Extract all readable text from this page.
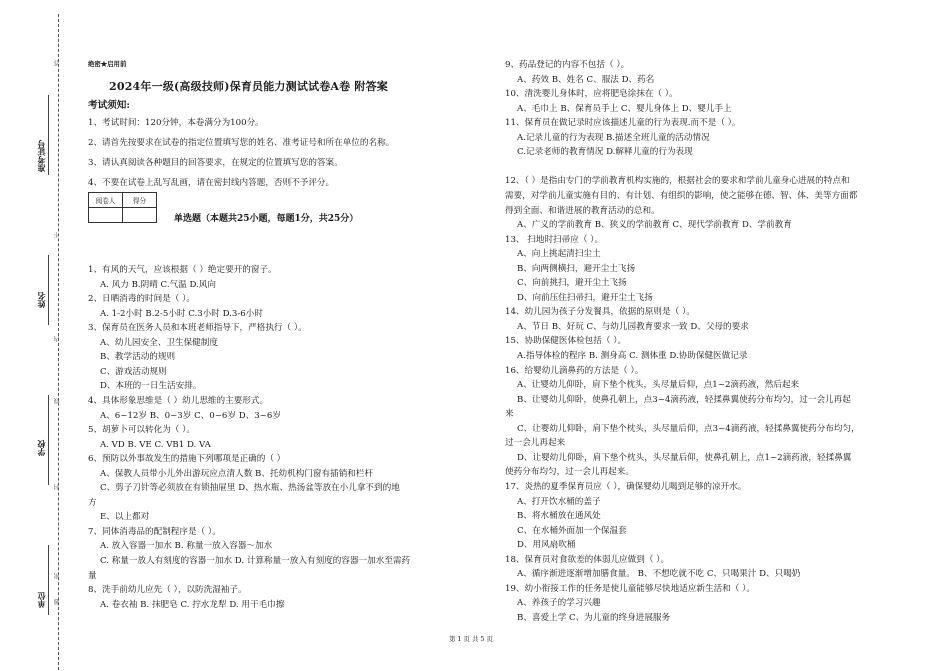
答
不
内
线
封
密
题
准考证号
姓名
学校
单位
绝密★启用前
2024年一级(高级技师)保育员能力测试试卷A卷 附答案
考试须知:
1、考试时间：120分钟，本卷满分为100分。
2、请首先按要求在试卷的指定位置填写您的姓名、准考证号和所在单位的名称。
3、请认真阅读各种题目的回答要求，在规定的位置填写您的答案。
4、不要在试卷上乱写乱画，请在密封线内答题，否则不予评分。
阅卷人	得分

单选题（本题共25小题，每题1分，共25分）
1、有风的天气，应该根据（ ）绝定要开的窗子。
A. 风力 B.阴晴 C.气温 D.风向
2、日晒消毒的时间是（ ）。
A. 1-2小时 B.2-5小时 C.3小时 D.3-6小时
3、保育员在医务人员和本班老师指导下，严格执行（ ）。
A、幼儿园安全、卫生保健制度
B、教学活动的规则
C、游戏活动规则
D、本班的一日生活安排。
4、具体形象思维是（ ）幼儿思维的主要形式。
A、6~12岁 B、0~3岁 C、0~6岁 D、3~6岁
5、胡萝卜可以转化为（ ）。
A. VD B. VE C. VB1 D. VA
6、预防以外事故发生的措施下列哪项是正确的（ ）
A、保教人员带小儿外出游玩应点清人数 B、托幼机构门窗有插销和栏杆
C、剪子刀针等必须放在有锁抽屉里 D、热水瓶、热汤盆等放在小儿拿不到的地
方
E、以上都对
7、同体消毒品的配制程序是（ ）。
A. 放入容器一加水 B. 称量一放入容器～加水
C. 称量一放人有刻度的容器一加水 D. 计算称量一放入有刻度的容器一加水至需药
量
8、洗手前幼儿应先（ ），以防洗湿袖子。
A. 卷衣袖 B. 抹肥皂 C. 拧水龙犁 D. 用干毛巾擦
9、药品登记的内容不包括（ ）。
A、药效 B、姓名 C、服法 D、药名
10、清洗婴儿身体时，应将肥皂涂抹在（ ）。
A、毛巾上 B、保育员手上 C、婴儿身体上 D、婴儿手上
11、保育员在做记录时应该描述儿童的行为表现.而不是（ ）。
A.记录儿童的行为表现 B.描述全班儿童的活动情况
C.记录老师的教育情况 D.解释儿童的行为表现
12、（ ）是指由专门的学前教育机构实施的，根据社会的要求和学前儿童身心进展的特点和
需要，对学前儿童实施有目的、有计划、有组织的影响，使之能够在德、智、体、美等方面都
得到全面、和谐进展的教育活动的总和。
A、广义的学前教育 B、狭义的学前教育 C、现代学前教育 D、学前教育
13、 扫地时扫帚应（ ）。
A、向上挑起清扫尘土
B、向两侧横扫，避开尘土飞扬
C、向前挑扫，避开尘土飞扬
D、向前压住扫帚扫，避开尘土飞扬
14、幼儿园为孩子分发餐具，依据的原则是（ ）。
A、节日 B、好玩 C、与幼儿园教育要求一致 D、父母的要求
15、协助保健医体检包括（ ）。
A.指导体检的程序 B. 测身高 C. 测体重 D.协助保健医做记录
16、给婴幼儿滴鼻药的方法是（ ）。
A、让婴幼儿仰卧，肩下垫个枕头，头尽量后仰，点1~2滴药液，然后起来
B、让婴幼儿仰卧，使鼻孔朝上，点3~4滴药液，轻揉鼻翼使药分布均匀，过一会儿再起
来
C、让婴幼儿仰卧，肩下垫个枕头，头尽量后仰，点3~4滴药液，轻揉鼻翼使药分布均匀，
过一会儿再起来
D、让婴幼儿仰卧，肩下垫个枕头，头尽量后仰，使鼻孔朝上，点1~2滴药液，轻揉鼻翼
使药分布均匀，过一会儿再起来。
17、炎热的夏季保育员应（ ），确保婴幼儿喝到足够的凉开水。
A、打开饮水桶的盖子
B、将水桶放在通风处
C、在水桶外面加一个保温套
D、用风扇吹桶
18、保育员对食欲差的体弱儿应做到（ ）。
A、循序渐进逐渐增加膳食量。 B、不想吃就不吃 C、只喝果汁 D、只喝奶
19、幼小衔接工作的任务是使儿童能够尽快地适应新生活和（ ）。
A、养孩子的学习兴趣
B、喜爱上学 C、为儿童的终身进展服务
第 1 页 共 5 页
